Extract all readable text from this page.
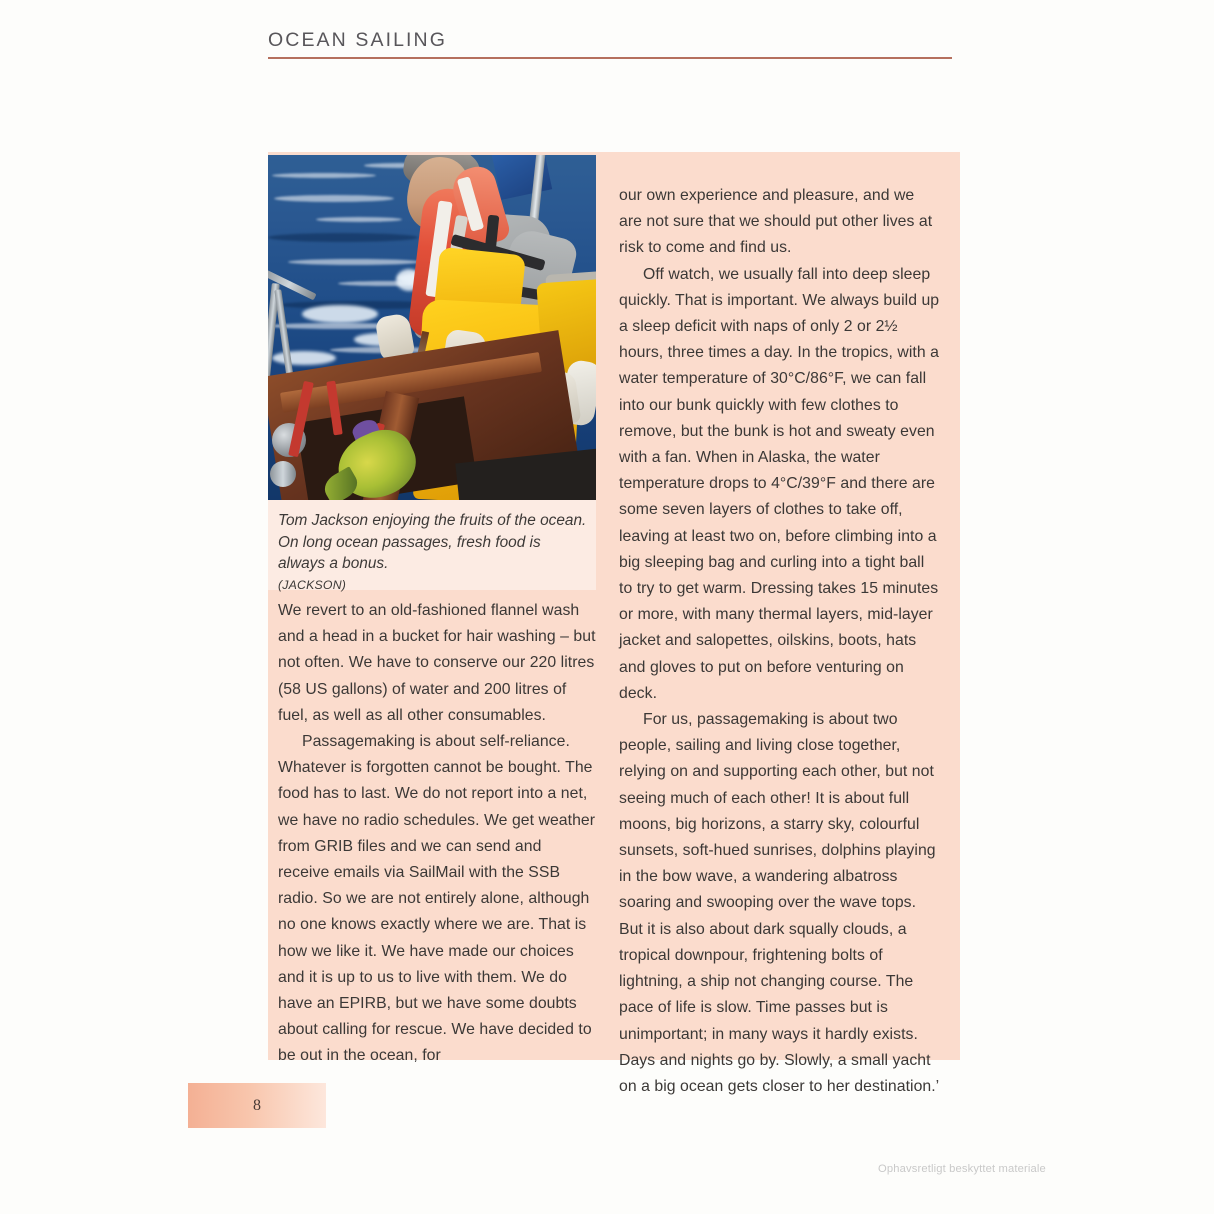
OCEAN SAILING
Tom Jackson enjoying the fruits of the ocean. On long ocean passages, fresh food is always a bonus.
(JACKSON)

We revert to an old-fashioned flannel wash and a head in a bucket for hair washing – but not often. We have to conserve our 220 litres (58 US gallons) of water and 200 litres of fuel, as well as all other consumables.

Passagemaking is about self-reliance. Whatever is forgotten cannot be bought. The food has to last. We do not report into a net, we have no radio schedules. We get weather from GRIB files and we can send and receive emails via SailMail with the SSB radio. So we are not entirely alone, although no one knows exactly where we are. That is how we like it. We have made our choices and it is up to us to live with them. We do have an EPIRB, but we have some doubts about calling for rescue. We have decided to be out in the ocean, for

our own experience and pleasure, and we are not sure that we should put other lives at risk to come and find us.

Off watch, we usually fall into deep sleep quickly. That is important. We always build up a sleep deficit with naps of only 2 or 2½ hours, three times a day. In the tropics, with a water temperature of 30°C/86°F, we can fall into our bunk quickly with few clothes to remove, but the bunk is hot and sweaty even with a fan. When in Alaska, the water temperature drops to 4°C/39°F and there are some seven layers of clothes to take off, leaving at least two on, before climbing into a big sleeping bag and curling into a tight ball to try to get warm. Dressing takes 15 minutes or more, with many thermal layers, mid-layer jacket and salopettes, oilskins, boots, hats and gloves to put on before venturing on deck.

For us, passagemaking is about two people, sailing and living close together, relying on and supporting each other, but not seeing much of each other! It is about full moons, big horizons, a starry sky, colourful sunsets, soft-hued sunrises, dolphins playing in the bow wave, a wandering albatross soaring and swooping over the wave tops. But it is also about dark squally clouds, a tropical downpour, frightening bolts of lightning, a ship not changing course. The pace of life is slow. Time passes but is unimportant; in many ways it hardly exists. Days and nights go by. Slowly, a small yacht on a big ocean gets closer to her destination.’

8
Ophavsretligt beskyttet materiale
